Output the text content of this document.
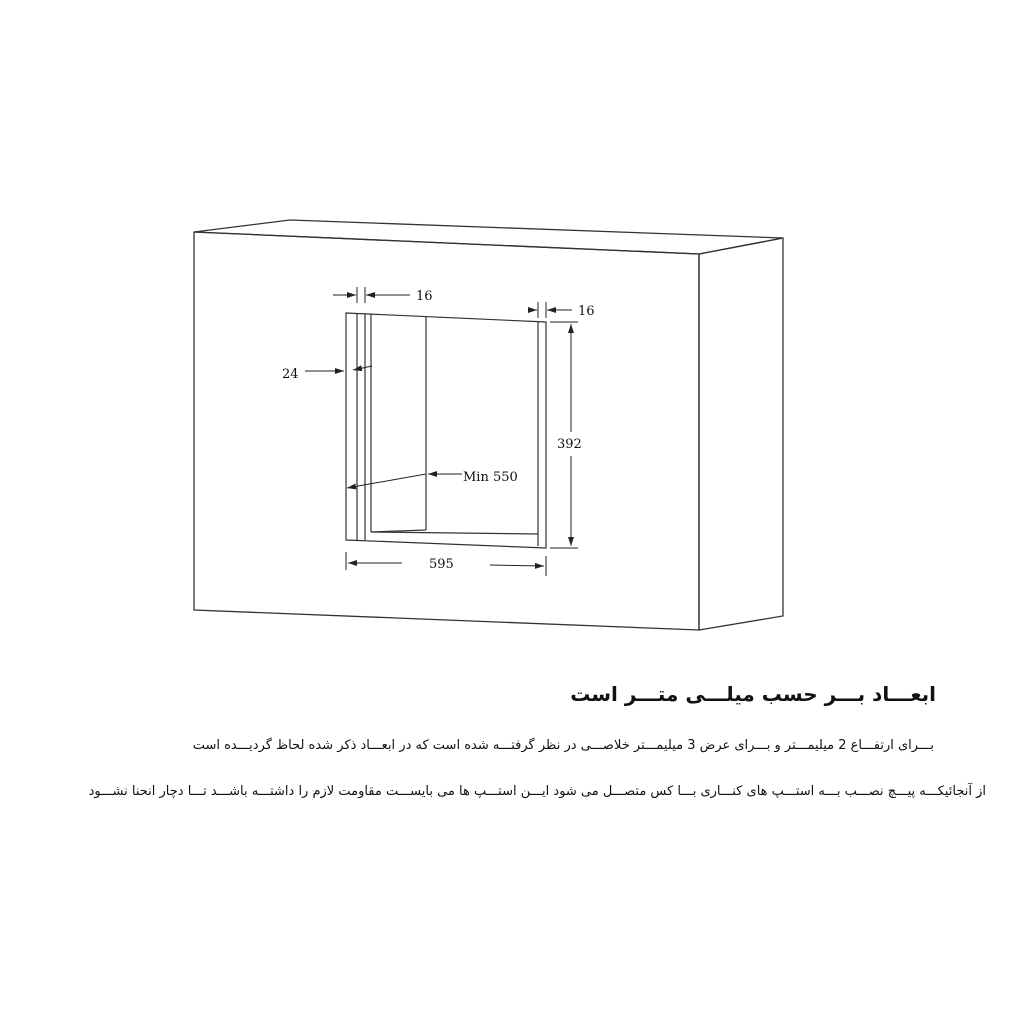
16
16
24
Min 550
392
595
ابعـــاد بـــر حسب میلـــی متـــر است
بـــرای ارتفـــاع 2 میلیمـــتر و بـــرای عرض 3 میلیمـــتر خلاصـــی در نظر گرفتـــه شده است که در ابعـــاد ذکر شده لحاظ گردیـــده است
از آنجائیکـــه پیـــچ نصـــب بـــه استـــپ های کنـــاری بـــا کس متصـــل می شود ایـــن استـــپ ها می بایســـت مقاومت لازم را داشتـــه باشـــد تـــا دچار انحنا نشـــود
